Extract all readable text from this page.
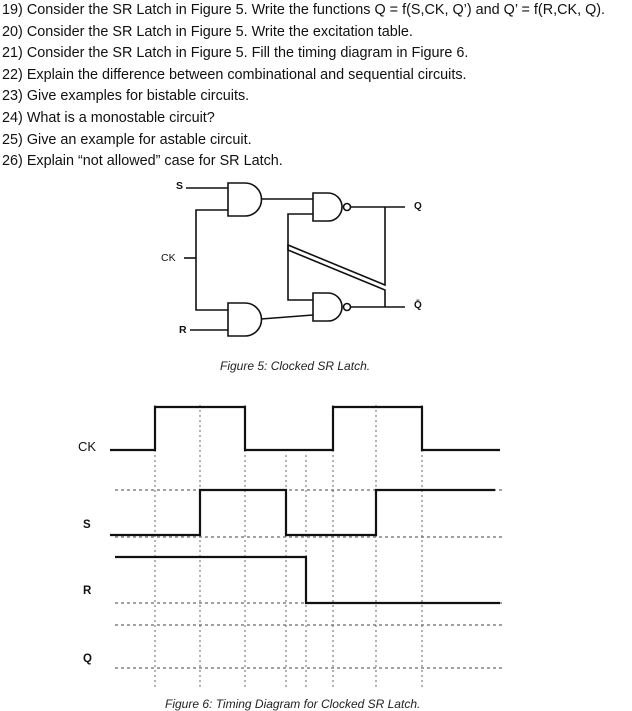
19) Consider the SR Latch in Figure 5. Write the functions Q = f(S,CK, Q’) and Q’ = f(R,CK, Q).
20) Consider the SR Latch in Figure 5. Write the excitation table.
21) Consider the SR Latch in Figure 5. Fill the timing diagram in Figure 6.
22) Explain the difference between combinational and sequential circuits.
23) Give examples for bistable circuits.
24) What is a monostable circuit?
25) Give an example for astable circuit.
26) Explain “not allowed” case for SR Latch.
S
CK
R
Q
Q̄
Figure 5: Clocked SR Latch.
CK
S
R
Q
Figure 6: Timing Diagram for Clocked SR Latch.
